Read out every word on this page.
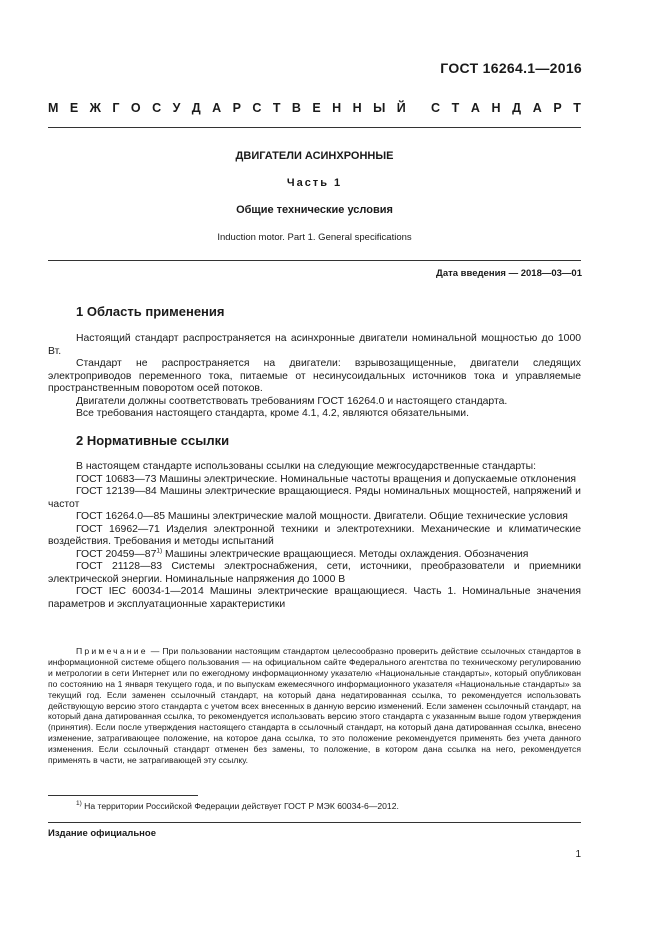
ГОСТ 16264.1—2016
М Е Ж Г О С У Д А Р С Т В Е Н Н Ы Й С Т А Н Д А Р Т
ДВИГАТЕЛИ АСИНХРОННЫЕ
Часть 1
Общие технические условия
Induction motor. Part 1. General specifications
Дата введения — 2018—03—01
1 Область применения

Настоящий стандарт распространяется на асинхронные двигатели номинальной мощностью до 1000 Вт.

Стандарт не распространяется на двигатели: взрывозащищенные, двигатели следящих электроприводов переменного тока, питаемые от несинусоидальных источников тока и управляемые пространственным поворотом осей потоков.

Двигатели должны соответствовать требованиям ГОСТ 16264.0 и настоящего стандарта.

Все требования настоящего стандарта, кроме 4.1, 4.2, являются обязательными.

2 Нормативные ссылки

В настоящем стандарте использованы ссылки на следующие межгосударственные стандарты:

ГОСТ 10683—73 Машины электрические. Номинальные частоты вращения и допускаемые отклонения

ГОСТ 12139—84 Машины электрические вращающиеся. Ряды номинальных мощностей, напряжений и частот

ГОСТ 16264.0—85 Машины электрические малой мощности. Двигатели. Общие технические условия

ГОСТ 16962—71 Изделия электронной техники и электротехники. Механические и климатические воздействия. Требования и методы испытаний

ГОСТ 20459—87$^{1)}$ Машины электрические вращающиеся. Методы охлаждения. Обозначения

ГОСТ 21128—83 Системы электроснабжения, сети, источники, преобразователи и приемники электрической энергии. Номинальные напряжения до 1000 В

ГОСТ IEC 60034-1—2014 Машины электрические вращающиеся. Часть 1. Номинальные значения параметров и эксплуатационные характеристики

Примечание — При пользовании настоящим стандартом целесообразно проверить действие ссылочных стандартов в информационной системе общего пользования — на официальном сайте Федерального агентства по техническому регулированию и метрологии в сети Интернет или по ежегодному информационному указателю «Национальные стандарты», который опубликован по состоянию на 1 января текущего года, и по выпускам ежемесячного информационного указателя «Национальные стандарты» за текущий год. Если заменен ссылочный стандарт, на который дана недатированная ссылка, то рекомендуется использовать действующую версию этого стандарта с учетом всех внесенных в данную версию изменений. Если заменен ссылочный стандарт, на который дана датированная ссылка, то рекомендуется использовать версию этого стандарта с указанным выше годом утверждения (принятия). Если после утверждения настоящего стандарта в ссылочный стандарт, на который дана датированная ссылка, внесено изменение, затрагивающее положение, на которое дана ссылка, то это положение рекомендуется применять без учета данного изменения. Если ссылочный стандарт отменен без замены, то положение, в котором дана ссылка на него, рекомендуется применять в части, не затрагивающей эту ссылку.
$^{1)}$ На территории Российской Федерации действует ГОСТ Р МЭК 60034-6—2012.
Издание официальное
1
